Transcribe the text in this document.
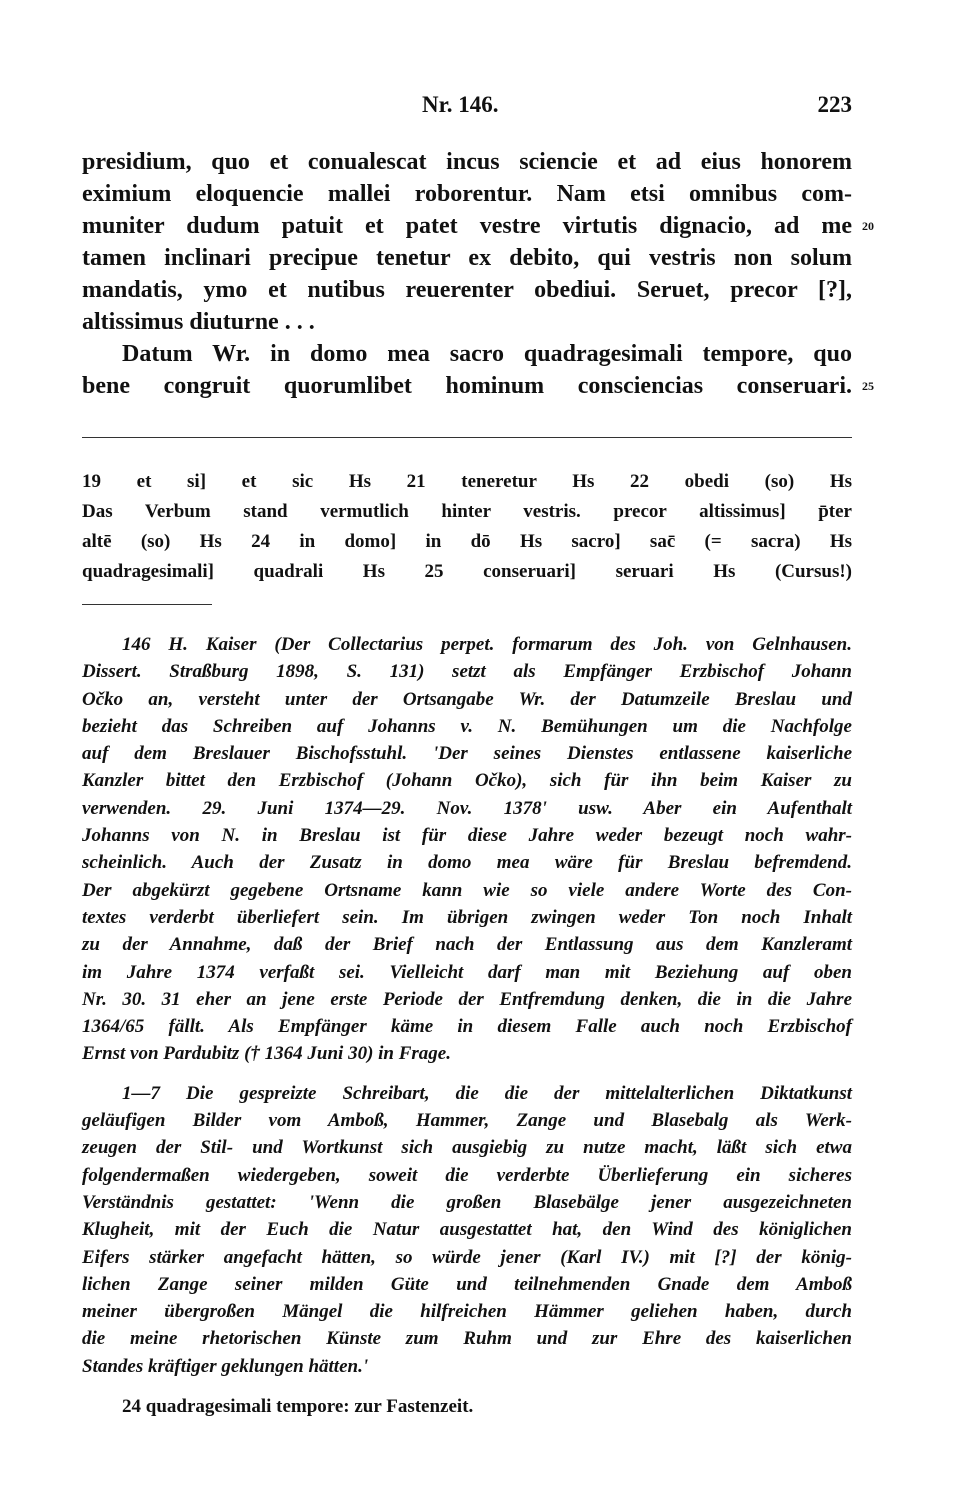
Nr. 146.	223
presidium, quo et conualescat incus sciencie et ad eius honorem
eximium eloquencie mallei roborentur. Nam etsi omnibus com-
muniter dudum patuit et patet vestre virtutis dignacio, ad me 20
tamen inclinari precipue tenetur ex debito, qui vestris non solum
mandatis, ymo et nutibus reuerenter obediui. Seruet, precor [?],
altissimus diuturne . . .
Datum Wr. in domo mea sacro quadragesimali tempore, quo
bene congruit quorumlibet hominum consciencias conseruari. 25
19 et si] et sic Hs 21 teneretur Hs 22 obedi (so) Hs
Das Verbum stand vermutlich hinter vestris. precor altissimus] p̄ter
altē (so) Hs 24 in domo] in dō Hs sacro] sac̄ (= sacra) Hs
quadragesimali] quadrali Hs 25 conseruari] seruari Hs (Cursus!)
146 H. Kaiser (Der Collectarius perpet. formarum des Joh. von Gelnhausen.
Dissert. Straßburg 1898, S. 131) setzt als Empfänger Erzbischof Johann
Očko an, versteht unter der Ortsangabe Wr. der Datumzeile Breslau und
bezieht das Schreiben auf Johanns v. N. Bemühungen um die Nachfolge
auf dem Breslauer Bischofsstuhl. 'Der seines Dienstes entlassene kaiserliche
Kanzler bittet den Erzbischof (Johann Očko), sich für ihn beim Kaiser zu
verwenden. 29. Juni 1374—29. Nov. 1378' usw. Aber ein Aufenthalt
Johanns von N. in Breslau ist für diese Jahre weder bezeugt noch wahr-
scheinlich. Auch der Zusatz in domo mea wäre für Breslau befremdend.
Der abgekürzt gegebene Ortsname kann wie so viele andere Worte des Con-
textes verderbt überliefert sein. Im übrigen zwingen weder Ton noch Inhalt
zu der Annahme, daß der Brief nach der Entlassung aus dem Kanzleramt
im Jahre 1374 verfaßt sei. Vielleicht darf man mit Beziehung auf oben
Nr. 30. 31 eher an jene erste Periode der Entfremdung denken, die in die Jahre
1364/65 fällt. Als Empfänger käme in diesem Falle auch noch Erzbischof
Ernst von Pardubitz († 1364 Juni 30) in Frage.
1—7 Die gespreizte Schreibart, die die der mittelalterlichen Diktatkunst
geläufigen Bilder vom Amboß, Hammer, Zange und Blasebalg als Werk-
zeugen der Stil- und Wortkunst sich ausgiebig zu nutze macht, läßt sich etwa
folgendermaßen wiedergeben, soweit die verderbte Überlieferung ein sicheres
Verständnis gestattet: 'Wenn die großen Blasebälge jener ausgezeichneten
Klugheit, mit der Euch die Natur ausgestattet hat, den Wind des königlichen
Eifers stärker angefacht hätten, so würde jener (Karl IV.) mit [?] der könig-
lichen Zange seiner milden Güte und teilnehmenden Gnade dem Amboß
meiner übergroßen Mängel die hilfreichen Hämmer geliehen haben, durch
die meine rhetorischen Künste zum Ruhm und zur Ehre des kaiserlichen
Standes kräftiger geklungen hätten.'
24 quadragesimali tempore: zur Fastenzeit.
